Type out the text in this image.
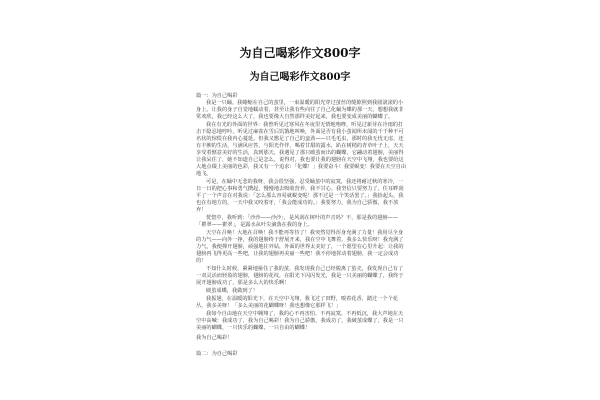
为自己喝彩作文800字
为自己喝彩作文800字

篇一：为自己喝彩

我是一只蛹。我蜷缩在自己的茧里，一束温暖的阳光穿过茧丝的缝隙照到我圆滚滚的小身上。让我的身子自觉地蠕动着，甚至让我有些向往了自己化蛹为蝶的那一天，想想我就非常欢欣，我已经这么大了，我也要像大自然那样美好起来，我也要变成美丽的蝴蝶了。

我在有光的外面的世界：我曾听见过寒风在冬夜里无情地咆哮，听见过新芽在冷雨的打击下隐忍地哼吟，听见过麻雀在雪后饥饿地叫唤，外面是否有我小茧闻所未闻的千千种不可名状的惊慌在我内心蔓延。但我又憋足了自己的蛮劲——只毛毛虫，那时的我无忧无虑，还有丰腴的生活，与满风应答，与阳光作伴，喝着甘甜的露水，趴在树梢的青草叶子上，天天享受着惬意美好的生活，真到那天，我遇见了那只破茧而出的蝴蝶，它翩动着翅膀，美丽得让我呆住了，她不知道自己是怎么，说得对，我也要让我的翅膀在天空中飞翔，我也要给这大地点缀上美丽的色彩，我又有一个追求：「化蝶！」我要奋斗！我要蜕变！我要在天空自由地飞。

可是，在蛹中无悲的我呀，我会很坚强，忍受蛹茧中的寂寞，我还将耐过秋的寒冷，一日一日的把心事和勇气攒起，慢慢地去吸收营养，我不甘心。我坚信只要努力了，任耳畔刮平了一个声音在对我说：「怎么那么容易就蜕变呢！那不过是一个笑话罢了。」我抬起头，我也在有地方的，一天中我又咬着牙，「我会能成功的。」我要努力，我为自己骄傲，我不放弃！

恍惚中，我听到：「沙沙——沙沙」，是风刮在树叶的声音吗？不，那是我的翅膀——「瞿翠——瞿翠」，是露水从叶尖滴落在我的身上。

天空在召唤！大地在召唤！我不能再等待了！我突然觉得浑身充满了力量！我用尽全身的力气——向外一挣，我的翅膀终于舒展开来，我在空中飞舞着，我多么快乐呀！我充满了力气，我便撑开翅膀，顽强地往外钻，外面的世界太美好了，一个愿望在心里升起：让我的翅膀再飞得更高一些吧，让我的翅膀再美丽一些吧！我不停地挥动着翅膀，我一定会成功的！

不知什么时候，紧紧地箍住了我的茧，我发现我自己已经脱离了茧壳，我发现自己有了一双灵活而轻盈的翅膀，翅膀的花纹，在阳光下闪闪发光，我是一只美丽的蝴蝶了，我终于展开翅膀成功了，那是多么大的快乐啊！

破茧成蝶，我做到了！

我振翅，在温暖的阳光下，在天空中飞翔，我飞过了田野，嗅着花香，踏过一个个花丛，我多美呀！「多么美丽的花蝴蝶呀！我也想像它那样飞！」

我如今自由地在天空中翱翔了，我的心不再害怕、不再寂寞、不再低沉，我大声地在天空中高喊：我成功了，我为自己喝彩！我为自己骄傲，我成功了，我破茧成蝶了，我是一只美丽的蝴蝶，一只快乐的蝴蝶，一只自由的蝴蝶！

我为自己喝彩！

篇二：为自己喝彩
